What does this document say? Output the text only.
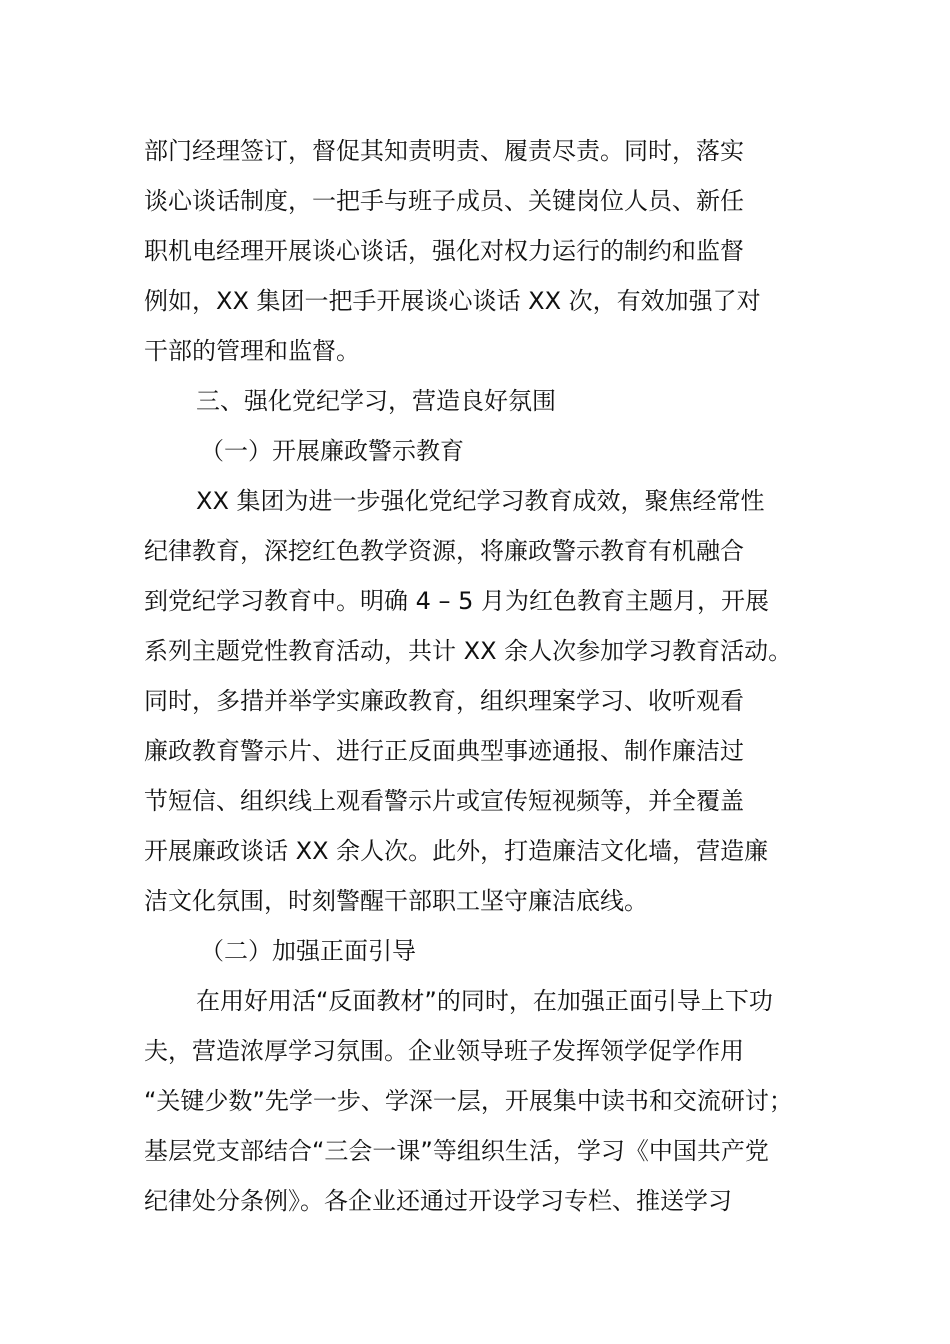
部门经理签订，督促其知责明责、履责尽责。同时，落实
谈心谈话制度，一把手与班子成员、关键岗位人员、新任
职机电经理开展谈心谈话，强化对权力运行的制约和监督
例如，XX 集团一把手开展谈心谈话 XX 次，有效加强了对
干部的管理和监督。
三、强化党纪学习，营造良好氛围
（一）开展廉政警示教育
XX 集团为进一步强化党纪学习教育成效，聚焦经常性
纪律教育，深挖红色教学资源，将廉政警示教育有机融合
到党纪学习教育中。明确 4 – 5 月为红色教育主题月，开展
系列主题党性教育活动，共计 XX 余人次参加学习教育活动。
同时，多措并举学实廉政教育，组织理案学习、收听观看
廉政教育警示片、进行正反面典型事迹通报、制作廉洁过
节短信、组织线上观看警示片或宣传短视频等，并全覆盖
开展廉政谈话 XX 余人次。此外，打造廉洁文化墙，营造廉
洁文化氛围，时刻警醒干部职工坚守廉洁底线。
（二）加强正面引导
在用好用活“反面教材”的同时，在加强正面引导上下功
夫，营造浓厚学习氛围。企业领导班子发挥领学促学作用
“关键少数”先学一步、学深一层，开展集中读书和交流研讨；
基层党支部结合“三会一课”等组织生活，学习《中国共产党
纪律处分条例》。各企业还通过开设学习专栏、推送学习
